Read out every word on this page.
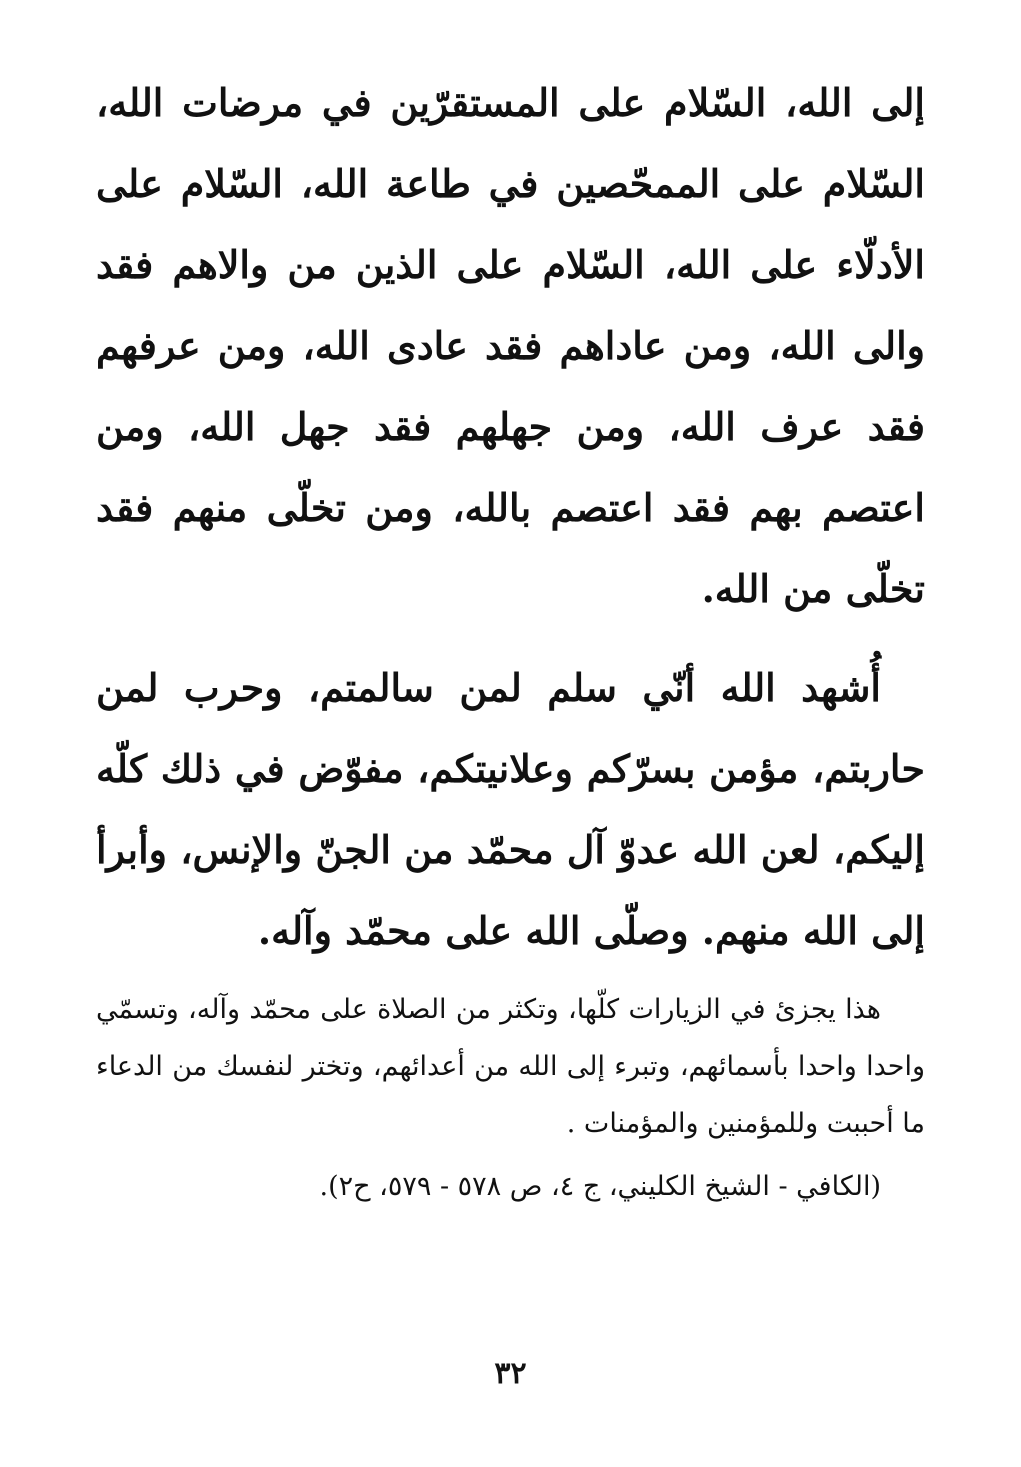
إلى الله، السّلام على المستقرّين في مرضات الله، السّلام على الممحّصين في طاعة الله، السّلام على الأدلّاء على الله، السّلام على الذين من والاهم فقد والى الله، ومن عاداهم فقد عادى الله، ومن عرفهم فقد عرف الله، ومن جهلهم فقد جهل الله، ومن اعتصم بهم فقد اعتصم بالله، ومن تخلّى منهم فقد تخلّى من الله.

أُشهد الله أنّي سلم لمن سالمتم، وحرب لمن حاربتم، مؤمن بسرّكم وعلانيتكم، مفوّض في ذلك كلّه إليكم، لعن الله عدوّ آل محمّد من الجنّ والإنس، وأبرأ إلى الله منهم. وصلّى الله على محمّد وآله.

هذا يجزئ في الزيارات كلّها، وتكثر من الصلاة على محمّد وآله، وتسمّي واحدا واحدا بأسمائهم، وتبرء إلى الله من أعدائهم، وتختر لنفسك من الدعاء ما أحببت وللمؤمنين والمؤمنات .

(الكافي - الشيخ الكليني، ج ٤، ص ٥٧٨ - ٥٧٩، ح٢).

٣٢
